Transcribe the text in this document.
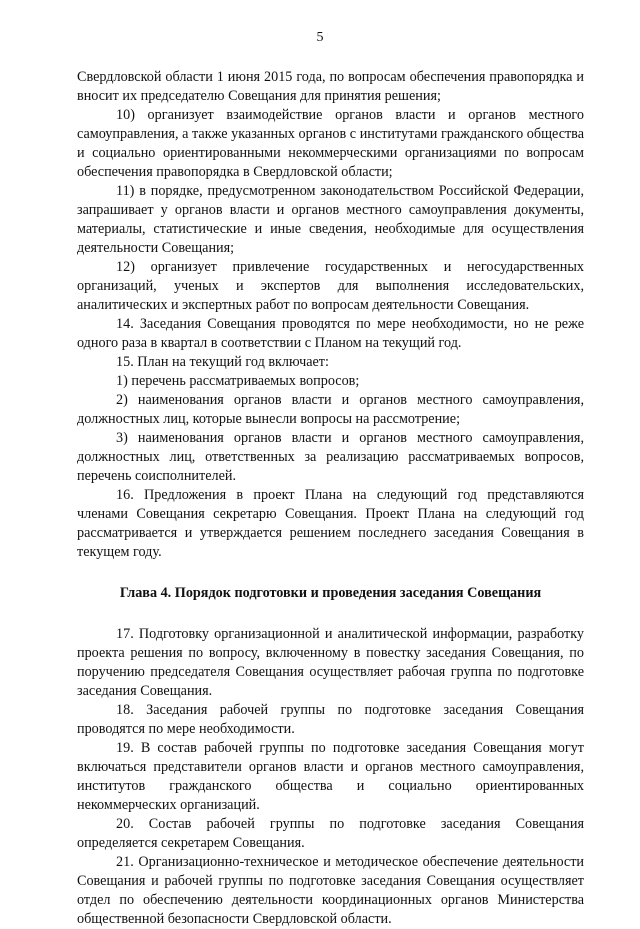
5

Свердловской области 1 июня 2015 года, по вопросам обеспечения правопорядка и вносит их председателю Совещания для принятия решения;

10) организует взаимодействие органов власти и органов местного самоуправления, а также указанных органов с институтами гражданского общества и социально ориентированными некоммерческими организациями по вопросам обеспечения правопорядка в Свердловской области;

11) в порядке, предусмотренном законодательством Российской Федерации, запрашивает у органов власти и органов местного самоуправления документы, материалы, статистические и иные сведения, необходимые для осуществления деятельности Совещания;

12) организует привлечение государственных и негосударственных организаций, ученых и экспертов для выполнения исследовательских, аналитических и экспертных работ по вопросам деятельности Совещания.

14. Заседания Совещания проводятся по мере необходимости, но не реже одного раза в квартал в соответствии с Планом на текущий год.

15. План на текущий год включает:

1) перечень рассматриваемых вопросов;

2) наименования органов власти и органов местного самоуправления, должностных лиц, которые вынесли вопросы на рассмотрение;

3) наименования органов власти и органов местного самоуправления, должностных лиц, ответственных за реализацию рассматриваемых вопросов, перечень соисполнителей.

16. Предложения в проект Плана на следующий год представляются членами Совещания секретарю Совещания. Проект Плана на следующий год рассматривается и утверждается решением последнего заседания Совещания в текущем году.

Глава 4. Порядок подготовки и проведения заседания Совещания

17. Подготовку организационной и аналитической информации, разработку проекта решения по вопросу, включенному в повестку заседания Совещания, по поручению председателя Совещания осуществляет рабочая группа по подготовке заседания Совещания.

18. Заседания рабочей группы по подготовке заседания Совещания проводятся по мере необходимости.

19. В состав рабочей группы по подготовке заседания Совещания могут включаться представители органов власти и органов местного самоуправления, институтов гражданского общества и социально ориентированных некоммерческих организаций.

20. Состав рабочей группы по подготовке заседания Совещания определяется секретарем Совещания.

21. Организационно-техническое и методическое обеспечение деятельности Совещания и рабочей группы по подготовке заседания Совещания осуществляет отдел по обеспечению деятельности координационных органов Министерства общественной безопасности Свердловской области.
